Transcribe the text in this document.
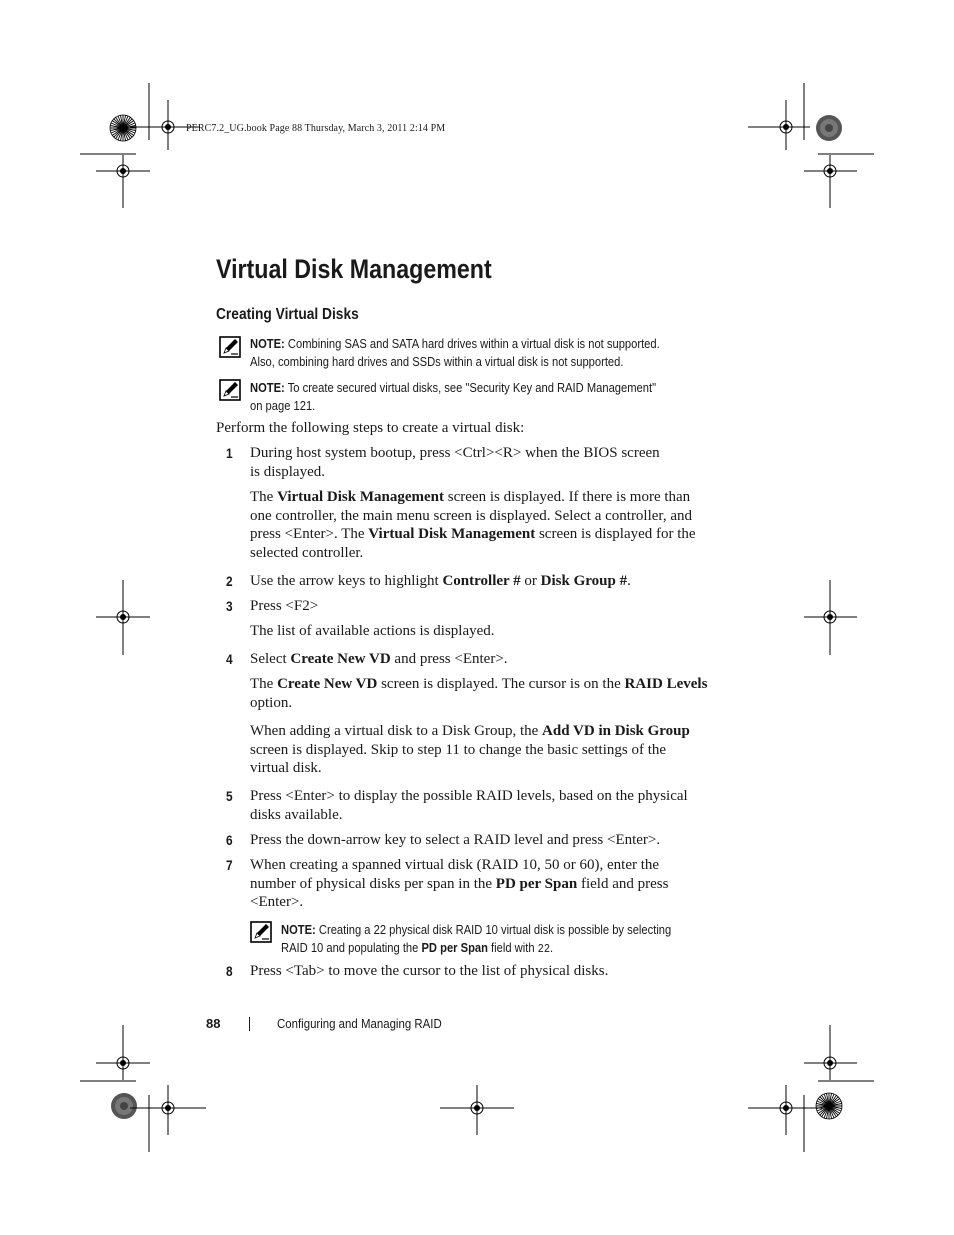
PERC7.2_UG.book Page 88 Thursday, March 3, 2011 2:14 PM
Virtual Disk Management
Creating Virtual Disks
NOTE: Combining SAS and SATA hard drives within a virtual disk is not supported.
Also, combining hard drives and SSDs within a virtual disk is not supported.
NOTE: To create secured virtual disks, see "Security Key and RAID Management"
on page 121.

Perform the following steps to create a virtual disk:

1 During host system bootup, press <Ctrl><R> when the BIOS screen
is displayed.

The Virtual Disk Management screen is displayed. If there is more than
one controller, the main menu screen is displayed. Select a controller, and
press <Enter>. The Virtual Disk Management screen is displayed for the
selected controller.

2 Use the arrow keys to highlight Controller # or Disk Group #.

3 Press <F2>

The list of available actions is displayed.

4 Select Create New VD and press <Enter>.

The Create New VD screen is displayed. The cursor is on the RAID Levels
option.

When adding a virtual disk to a Disk Group, the Add VD in Disk Group
screen is displayed. Skip to step 11 to change the basic settings of the
virtual disk.

5 Press <Enter> to display the possible RAID levels, based on the physical
disks available.

6 Press the down-arrow key to select a RAID level and press <Enter>.

7 When creating a spanned virtual disk (RAID 10, 50 or 60), enter the
number of physical disks per span in the PD per Span field and press
<Enter>.

NOTE: Creating a 22 physical disk RAID 10 virtual disk is possible by selecting
RAID 10 and populating the PD per Span field with 22.
8 Press <Tab> to move the cursor to the list of physical disks.

88	Configuring and Managing RAID
